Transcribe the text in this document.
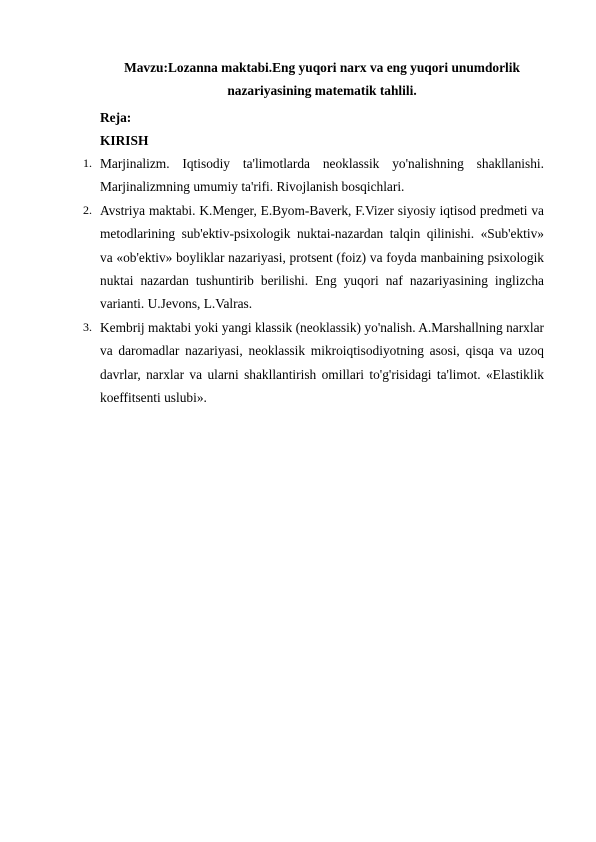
Mavzu:Lozanna maktabi.Eng yuqori narx va eng yuqori unumdorlik
nazariyasining matematik tahlili.
Reja:
KIRISH
1. Marjinalizm. Iqtisodiy ta'limotlarda neoklassik yo'nalishning shakllanishi. Marjinalizmning umumiy ta'rifi. Rivojlanish bosqichlari.
2. Avstriya maktabi. K.Menger, E.Byom-Baverk, F.Vizer siyosiy iqtisod predmeti va metodlarining sub'ektiv-psixologik nuktai-nazardan talqin qilinishi. «Sub'ektiv» va «ob'ektiv» boyliklar nazariyasi, protsent (foiz) va foyda manbaining psixologik nuktai nazardan tushuntirib berilishi. Eng yuqori naf nazariyasining inglizcha varianti. U.Jevons, L.Valras.
3. Kembrij maktabi yoki yangi klassik (neoklassik) yo'nalish. A.Marshallning narxlar va daromadlar nazariyasi, neoklassik mikroiqtisodiyotning asosi, qisqa va uzoq davrlar, narxlar va ularni shakllantirish omillari to'g'risidagi ta'limot. «Elastiklik koeffitsenti uslubi».
